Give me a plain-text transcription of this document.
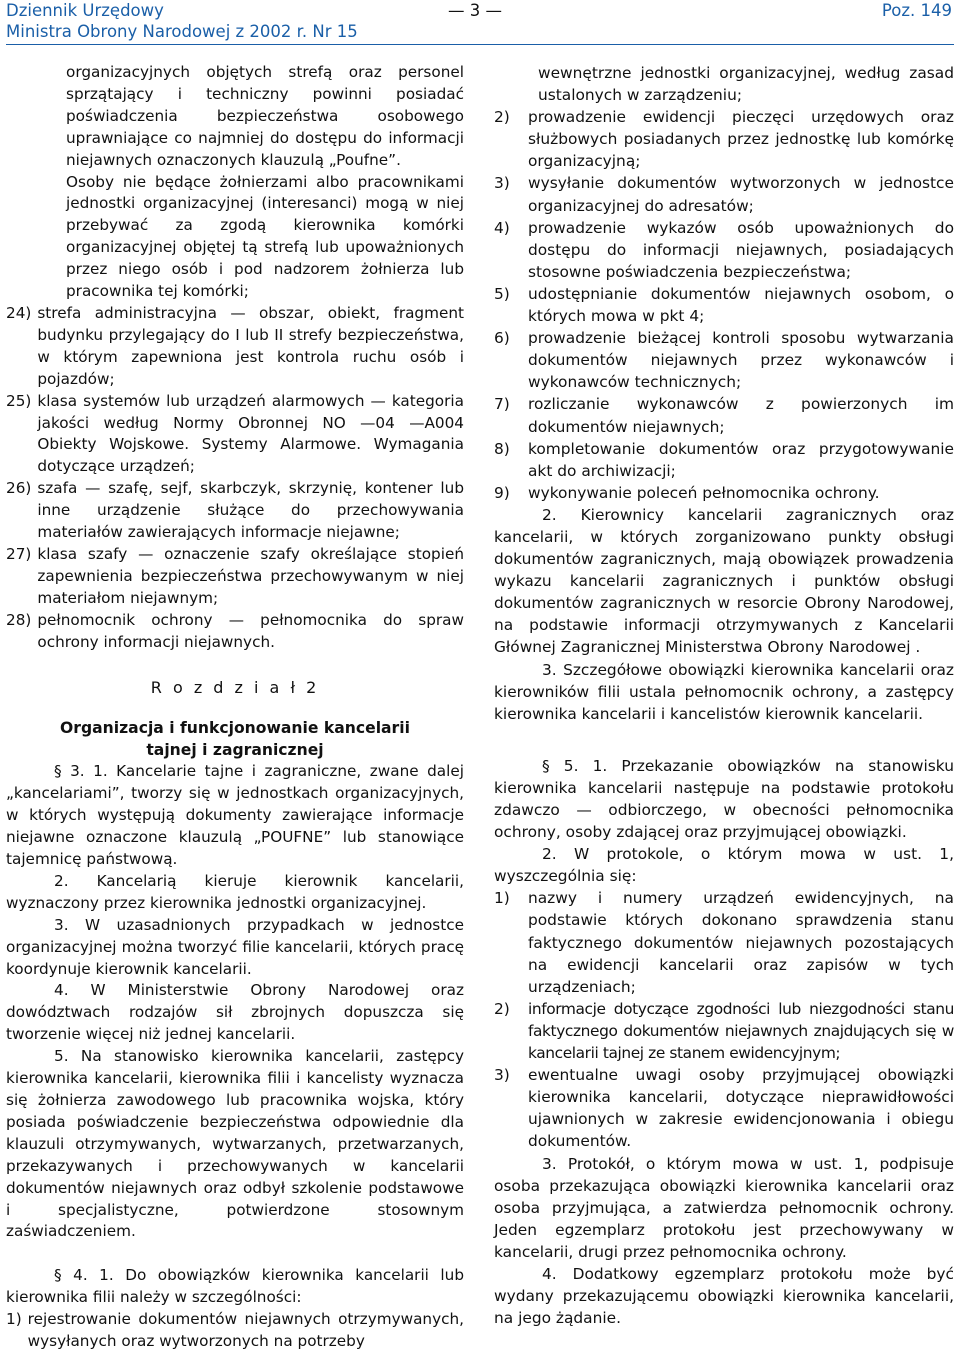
Dziennik Urzędowy
Ministra Obrony Narodowej z 2002 r. Nr 15
— 3 —	Poz. 149

organizacyjnych objętych strefą oraz personel sprzątający i techniczny powinni posiadać poświadczenia bezpieczeństwa osobowego uprawniające co najmniej do dostępu do informacji niejawnych oznaczonych klauzulą „Poufne”.

Osoby nie będące żołnierzami albo pracownikami jednostki organizacyjnej (interesanci) mogą w niej przebywać za zgodą kierownika komórki organizacyjnej objętej tą strefą lub upoważnionych przez niego osób i pod nadzorem żołnierza lub pracownika tej komórki;

24) strefa administracyjna — obszar, obiekt, fragment budynku przylegający do I lub II strefy bezpieczeństwa, w którym zapewniona jest kontrola ruchu osób i pojazdów;

25) klasa systemów lub urządzeń alarmowych — kategoria jakości według Normy Obronnej NO —04 —A004 Obiekty Wojskowe. Systemy Alarmowe. Wymagania dotyczące urządzeń;

26) szafa — szafę, sejf, skarbczyk, skrzynię, kontener lub inne urządzenie służące do przechowywania materiałów zawierających informacje niejawne;

27) klasa szafy — oznaczenie szafy określające stopień zapewnienia bezpieczeństwa przechowywanym w niej materiałom niejawnym;

28) pełnomocnik ochrony — pełnomocnika do spraw ochrony informacji niejawnych.

R o z d z i a ł 2

Organizacja i funkcjonowanie kancelarii

tajnej i zagranicznej

§ 3. 1. Kancelarie tajne i zagraniczne, zwane dalej „kancelariami”, tworzy się w jednostkach organizacyjnych, w których występują dokumenty zawierające informacje niejawne oznaczone klauzulą „POUFNE” lub stanowiące tajemnicę państwową.

2. Kancelarią kieruje kierownik kancelarii, wyznaczony przez kierownika jednostki organizacyjnej.

3. W uzasadnionych przypadkach w jednostce organizacyjnej można tworzyć filie kancelarii, których pracę koordynuje kierownik kancelarii.

4. W Ministerstwie Obrony Narodowej oraz dowództwach rodzajów sił zbrojnych dopuszcza się tworzenie więcej niż jednej kancelarii.

5. Na stanowisko kierownika kancelarii, zastępcy kierownika kancelarii, kierownika filii i kancelisty wyznacza się żołnierza zawodowego lub pracownika wojska, który posiada poświadczenie bezpieczeństwa odpowiednie dla klauzuli otrzymywanych, wytwarzanych, przetwarzanych, przekazywanych i przechowywanych w kancelarii dokumentów niejawnych oraz odbył szkolenie podstawowe i specjalistyczne, potwierdzone stosownym zaświadczeniem.

§ 4. 1. Do obowiązków kierownika kancelarii lub kierownika filii należy w szczególności:

1) rejestrowanie dokumentów niejawnych otrzymywanych, wysyłanych oraz wytworzonych na potrzeby

wewnętrzne jednostki organizacyjnej, według zasad ustalonych w zarządzeniu;

2)	prowadzenie ewidencji pieczęci urzędowych oraz służbowych posiadanych przez jednostkę lub komórkę organizacyjną;

3)	wysyłanie dokumentów wytworzonych w jednostce organizacyjnej do adresatów;

4)	prowadzenie wykazów osób upoważnionych do dostępu do informacji niejawnych, posiadających stosowne poświadczenia bezpieczeństwa;

5)	udostępnianie dokumentów niejawnych osobom, o których mowa w pkt 4;

6)	prowadzenie bieżącej kontroli sposobu wytwarzania dokumentów niejawnych przez wykonawców i wykonawców technicznych;

7)	rozliczanie wykonawców z powierzonych im dokumentów niejawnych;

8)	kompletowanie dokumentów oraz przygotowywanie akt do archiwizacji;

9)	wykonywanie poleceń pełnomocnika ochrony.

2. Kierownicy kancelarii zagranicznych oraz kancelarii, w których zorganizowano punkty obsługi dokumentów zagranicznych, mają obowiązek prowadzenia wykazu kancelarii zagranicznych i punktów obsługi dokumentów zagranicznych w resorcie Obrony Narodowej, na podstawie informacji otrzymywanych z Kancelarii Głównej Zagranicznej Ministerstwa Obrony Narodowej .

3. Szczegółowe obowiązki kierownika kancelarii oraz kierowników filii ustala pełnomocnik ochrony, a zastępcy kierownika kancelarii i kancelistów kierownik kancelarii.

§ 5. 1. Przekazanie obowiązków na stanowisku kierownika kancelarii następuje na podstawie protokołu zdawczo — odbiorczego, w obecności pełnomocnika ochrony, osoby zdającej oraz przyjmującej obowiązki.

2. W protokole, o którym mowa w ust. 1, wyszczególnia się:

1)	nazwy i numery urządzeń ewidencyjnych, na podstawie których dokonano sprawdzenia stanu faktycznego dokumentów niejawnych pozostających na ewidencji kancelarii oraz zapisów w tych urządzeniach;

2)	informacje dotyczące zgodności lub niezgodności stanu faktycznego dokumentów niejawnych znajdujących się w kancelarii tajnej ze stanem ewidencyjnym;

3)	ewentualne uwagi osoby przyjmującej obowiązki kierownika kancelarii, dotyczące nieprawidłowości ujawnionych w zakresie ewidencjonowania i obiegu dokumentów.

3. Protokół, o którym mowa w ust. 1, podpisuje osoba przekazująca obowiązki kierownika kancelarii oraz osoba przyjmująca, a zatwierdza pełnomocnik ochrony. Jeden egzemplarz protokołu jest przechowywany w kancelarii, drugi przez pełnomocnika ochrony.

4. Dodatkowy egzemplarz protokołu może być wydany przekazującemu obowiązki kierownika kancelarii, na jego żądanie.
